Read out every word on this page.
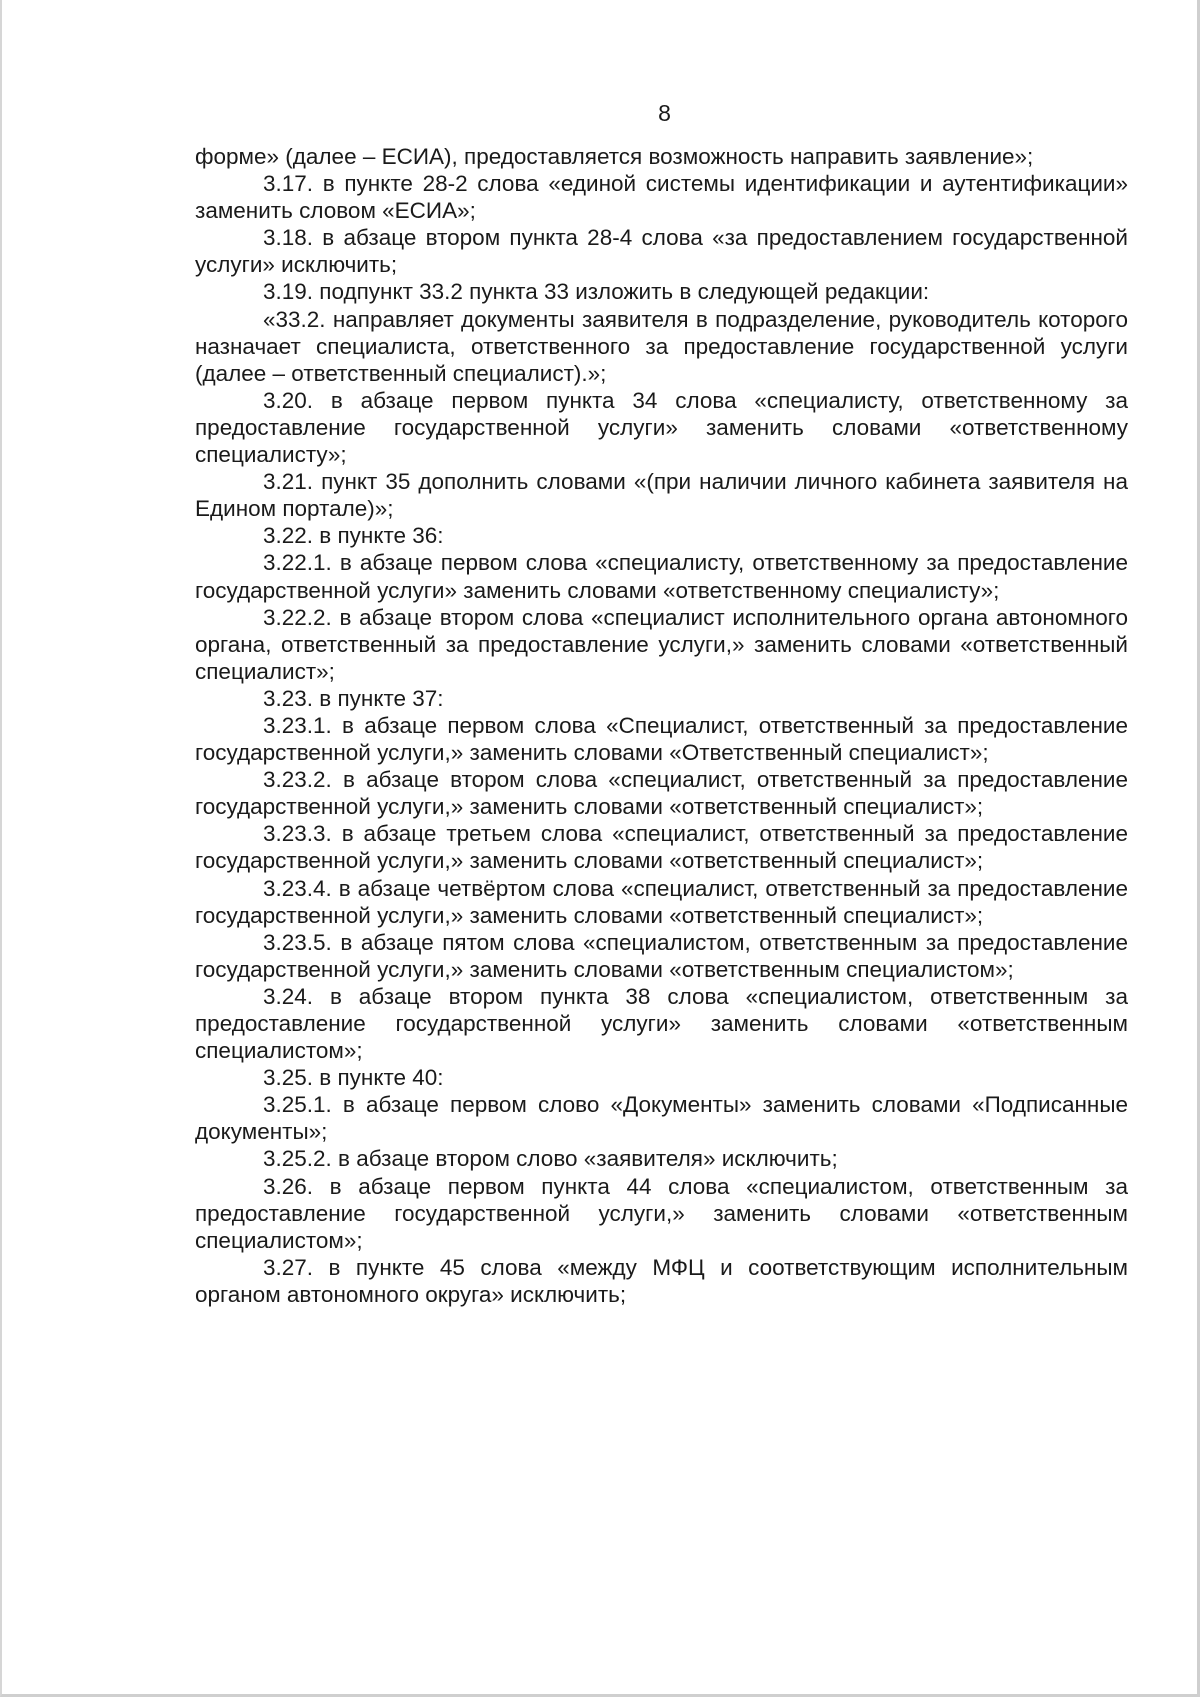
8

форме» (далее – ЕСИА), предоставляется возможность направить заявление»;

3.17. в пункте 28-2 слова «единой системы идентификации и аутентификации» заменить словом «ЕСИА»;

3.18. в абзаце втором пункта 28-4 слова «за предоставлением государственной услуги» исключить;

3.19. подпункт 33.2 пункта 33 изложить в следующей редакции:

«33.2. направляет документы заявителя в подразделение, руководитель которого назначает специалиста, ответственного за предоставление государственной услуги (далее – ответственный специалист).»;

3.20. в абзаце первом пункта 34 слова «специалисту, ответственному за предоставление государственной услуги» заменить словами «ответственному специалисту»;

3.21. пункт 35 дополнить словами «(при наличии личного кабинета заявителя на Едином портале)»;

3.22. в пункте 36:

3.22.1. в абзаце первом слова «специалисту, ответственному за предоставление государственной услуги» заменить словами «ответственному специалисту»;

3.22.2. в абзаце втором слова «специалист исполнительного органа автономного органа, ответственный за предоставление услуги,» заменить словами «ответственный специалист»;

3.23. в пункте 37:

3.23.1. в абзаце первом слова «Специалист, ответственный за предоставление государственной услуги,» заменить словами «Ответственный специалист»;

3.23.2. в абзаце втором слова «специалист, ответственный за предоставление государственной услуги,» заменить словами «ответственный специалист»;

3.23.3. в абзаце третьем слова «специалист, ответственный за предоставление государственной услуги,» заменить словами «ответственный специалист»;

3.23.4. в абзаце четвёртом слова «специалист, ответственный за предоставление государственной услуги,» заменить словами «ответственный специалист»;

3.23.5. в абзаце пятом слова «специалистом, ответственным за предоставление государственной услуги,» заменить словами «ответственным специалистом»;

3.24. в абзаце втором пункта 38 слова «специалистом, ответственным за предоставление государственной услуги» заменить словами «ответственным специалистом»;

3.25. в пункте 40:

3.25.1. в абзаце первом слово «Документы» заменить словами «Подписанные документы»;

3.25.2. в абзаце втором слово «заявителя» исключить;

3.26. в абзаце первом пункта 44 слова «специалистом, ответственным за предоставление государственной услуги,» заменить словами «ответственным специалистом»;

3.27. в пункте 45 слова «между МФЦ и соответствующим исполнительным органом автономного округа» исключить;
